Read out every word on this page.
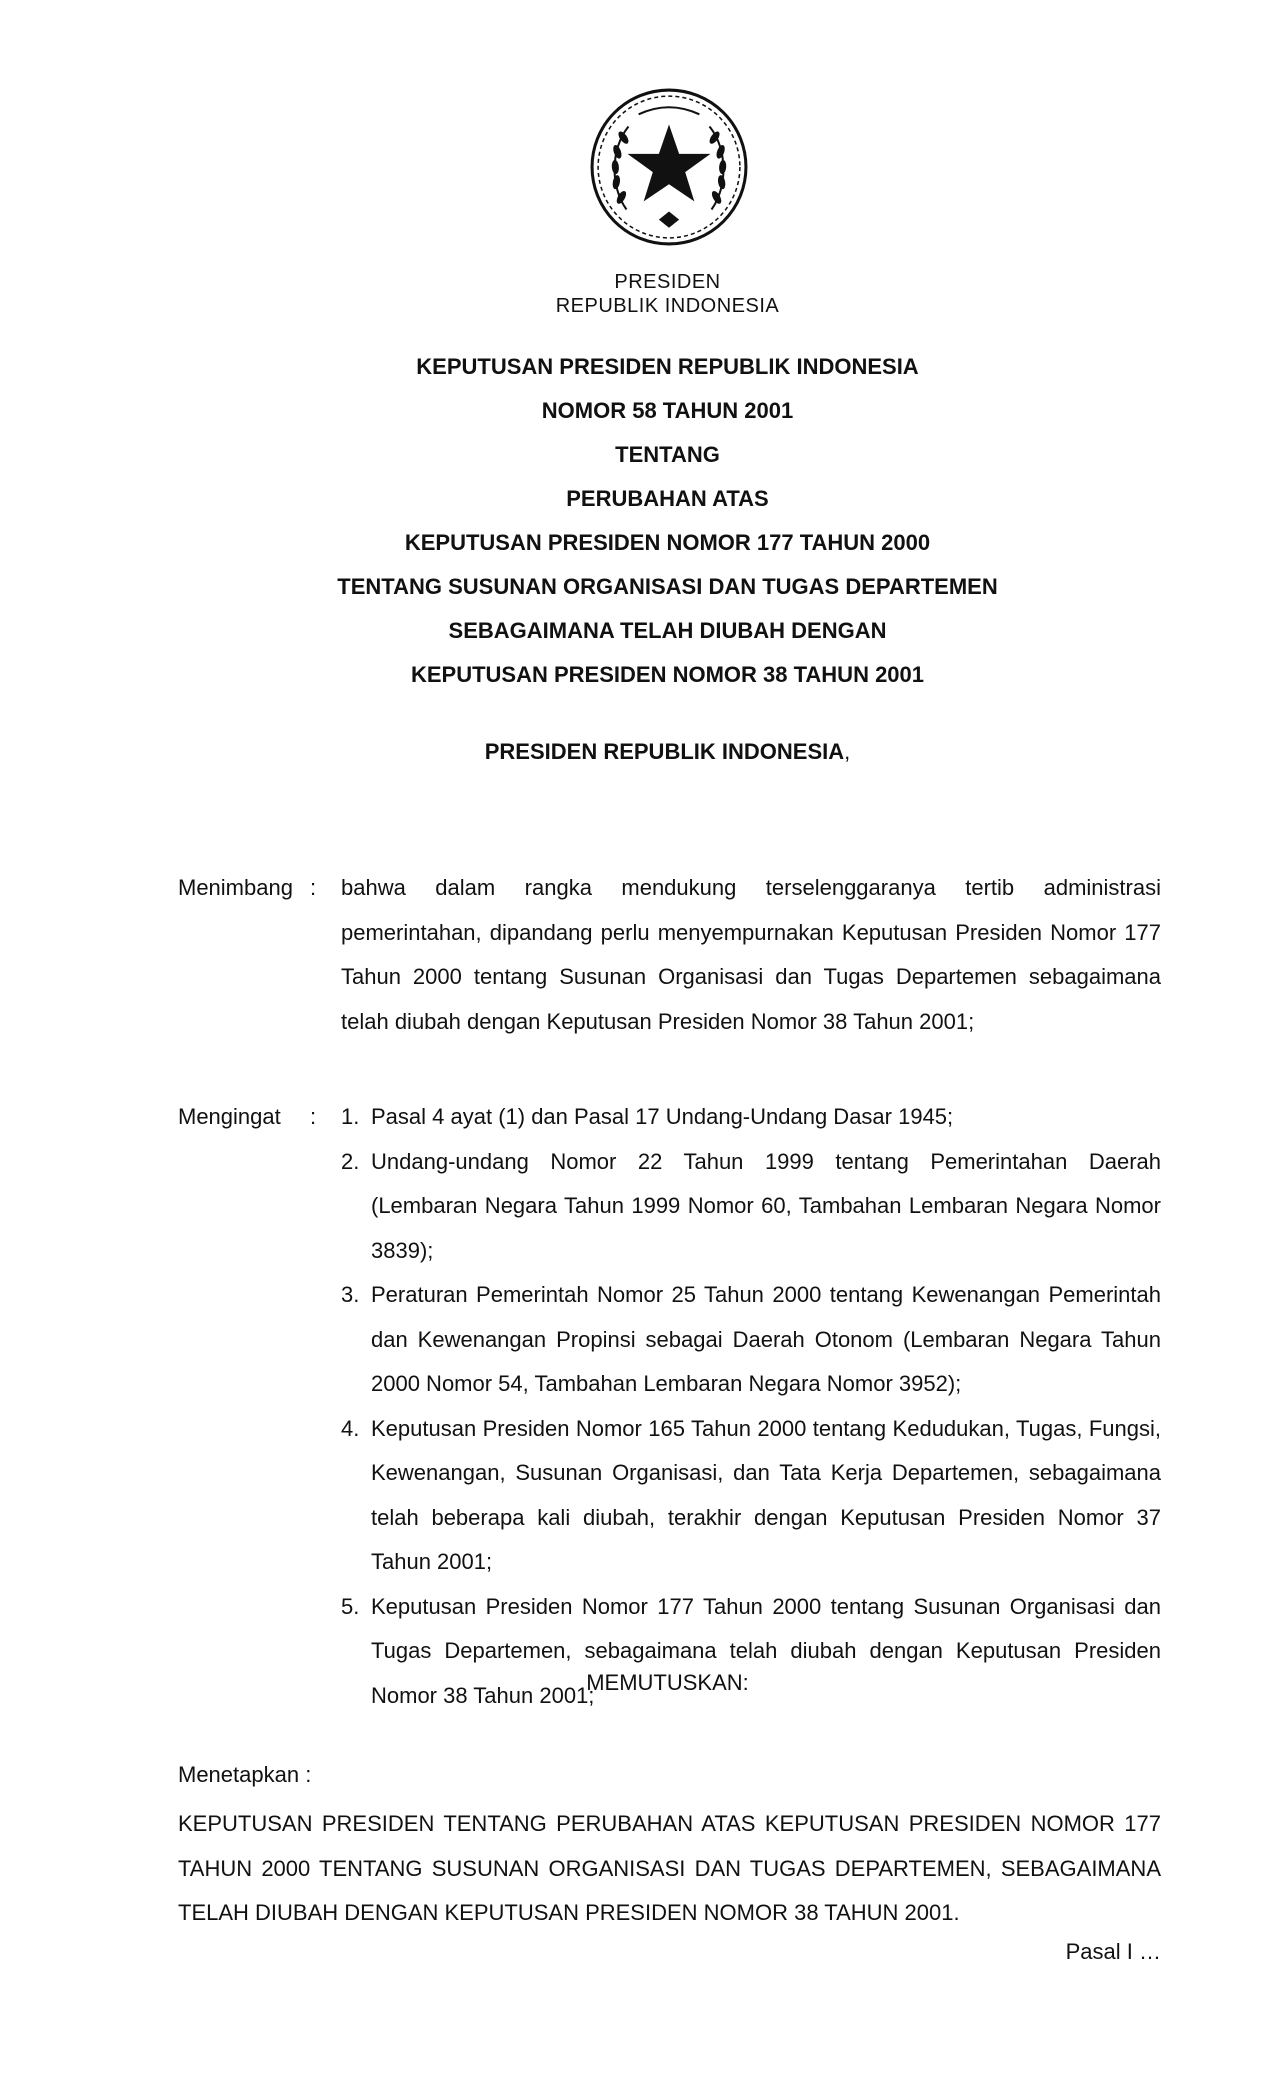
PRESIDEN
REPUBLIK INDONESIA
KEPUTUSAN PRESIDEN REPUBLIK INDONESIA
NOMOR 58 TAHUN 2001
TENTANG
PERUBAHAN ATAS
KEPUTUSAN PRESIDEN NOMOR 177 TAHUN 2000
TENTANG SUSUNAN ORGANISASI DAN TUGAS DEPARTEMEN
SEBAGAIMANA TELAH DIUBAH DENGAN
KEPUTUSAN PRESIDEN NOMOR 38 TAHUN 2001
PRESIDEN REPUBLIK INDONESIA,
Menimbang : bahwa dalam rangka mendukung terselenggaranya tertib administrasi pemerintahan, dipandang perlu menyempurnakan Keputusan Presiden Nomor 177 Tahun 2000 tentang Susunan Organisasi dan Tugas Departemen sebagaimana telah diubah dengan Keputusan Presiden Nomor 38 Tahun 2001;
Mengingat : 1. Pasal 4 ayat (1) dan Pasal 17 Undang-Undang Dasar 1945;
2. Undang-undang Nomor 22 Tahun 1999 tentang Pemerintahan Daerah (Lembaran Negara Tahun 1999 Nomor 60, Tambahan Lembaran Negara Nomor 3839);
3. Peraturan Pemerintah Nomor 25 Tahun 2000 tentang Kewenangan Pemerintah dan Kewenangan Propinsi sebagai Daerah Otonom (Lembaran Negara Tahun 2000 Nomor 54, Tambahan Lembaran Negara Nomor 3952);
4. Keputusan Presiden Nomor 165 Tahun 2000 tentang Kedudukan, Tugas, Fungsi, Kewenangan, Susunan Organisasi, dan Tata Kerja Departemen, sebagaimana telah beberapa kali diubah, terakhir dengan Keputusan Presiden Nomor 37 Tahun 2001;
5. Keputusan Presiden Nomor 177 Tahun 2000 tentang Susunan Organisasi dan Tugas Departemen, sebagaimana telah diubah dengan Keputusan Presiden Nomor 38 Tahun 2001;
MEMUTUSKAN:
Menetapkan :
KEPUTUSAN PRESIDEN TENTANG PERUBAHAN ATAS KEPUTUSAN PRESIDEN NOMOR 177 TAHUN 2000 TENTANG SUSUNAN ORGANISASI DAN TUGAS DEPARTEMEN, SEBAGAIMANA TELAH DIUBAH DENGAN KEPUTUSAN PRESIDEN NOMOR 38 TAHUN 2001.
Pasal I …
